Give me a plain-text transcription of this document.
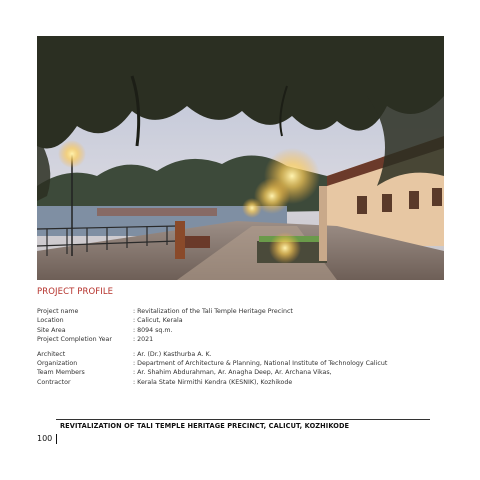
PROJECT PROFILE
Project name	: Revitalization of the Tali Temple Heritage Precinct
Location	: Calicut, Kerala
Site Area	: 8094 sq.m.
Project Completion Year	: 2021
Architect	: Ar. (Dr.) Kasthurba A. K.
Organization	: Department of Architecture & Planning, National Institute of Technology Calicut
Team Members	: Ar. Shahim Abdurahman, Ar. Anagha Deep, Ar. Archana Vikas,
Contractor	: Kerala State Nirmithi Kendra (KESNIK), Kozhikode
REVITALIZATION OF TALI TEMPLE HERITAGE PRECINCT, CALICUT, KOZHIKODE
100
